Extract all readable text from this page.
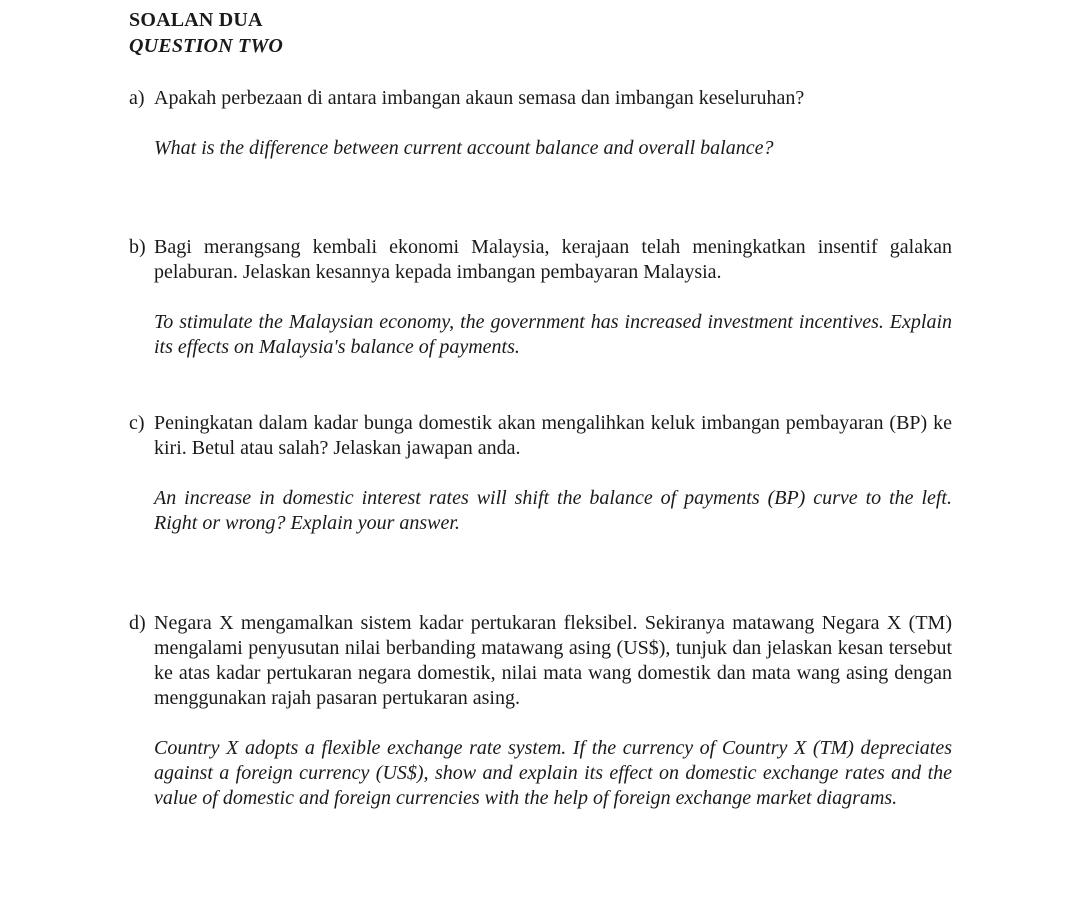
SOALAN DUA
QUESTION TWO
a) Apakah perbezaan di antara imbangan akaun semasa dan imbangan keseluruhan?
What is the difference between current account balance and overall balance?
b) Bagi merangsang kembali ekonomi Malaysia, kerajaan telah meningkatkan insentif galakan pelaburan. Jelaskan kesannya kepada imbangan pembayaran Malaysia.
To stimulate the Malaysian economy, the government has increased investment incentives. Explain its effects on Malaysia's balance of payments.
c) Peningkatan dalam kadar bunga domestik akan mengalihkan keluk imbangan pembayaran (BP) ke kiri. Betul atau salah? Jelaskan jawapan anda.
An increase in domestic interest rates will shift the balance of payments (BP) curve to the left. Right or wrong? Explain your answer.
d) Negara X mengamalkan sistem kadar pertukaran fleksibel. Sekiranya matawang Negara X (TM) mengalami penyusutan nilai berbanding matawang asing (US$), tunjuk dan jelaskan kesan tersebut ke atas kadar pertukaran negara domestik, nilai mata wang domestik dan mata wang asing dengan menggunakan rajah pasaran pertukaran asing.
Country X adopts a flexible exchange rate system. If the currency of Country X (TM) depreciates against a foreign currency (US$), show and explain its effect on domestic exchange rates and the value of domestic and foreign currencies with the help of foreign exchange market diagrams.
